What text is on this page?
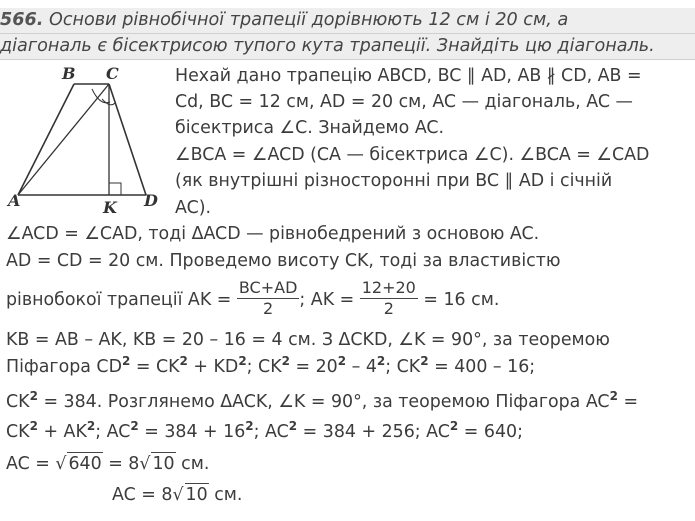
566. Основи рівнобічної трапеції дорівнюють 12 см і 20 см, а
діагональ є бісектрисою тупого кута трапеції. Знайдіть цю діагональ.
B C
A	K D
Нехай дано трапецію ABCD, BC ∥ AD, AB ∦ CD, AB =
Cd, BC = 12 см, AD = 20 см, AC — діагональ, AC —
бісектриса ∠C. Знайдемо AC.
∠BCA = ∠ACD (CA — бісектриса ∠C). ∠BCA = ∠CAD
(як внутрішні різносторонні при BC ∥ AD і січній
AC).
∠ACD = ∠CAD, тоді ΔACD — рівнобедрений з основою AC.
AD = CD = 20 см. Проведемо висоту CK, тоді за властивістю
рівнобокої трапеції AK = $\frac{BC+AD}{2}$ ; AK = $\frac{12+20}{2} = 16$ см.
KB = AB – AK, KB = 20 – 16 = 4 см. З ΔCKD, ∠K = 90°, за теоремою
Піфагора $CD^2 = CK^2 + KD^2$; $CK^2 = 20^2 - 4^2$; $CK^2 = 400 - 16$;
$CK^2 = 384$. Розглянемо ΔACK, ∠K = 90°, за теоремою Піфагора $AC^2$ =
$CK^2 + AK^2$; $AC^2 = 384 + 16^2$; $AC^2 = 384 + 256$; $AC^2 = 640$;
AC = √ 640 = 8√ 10 см.
AC = 8√ 10 см.
